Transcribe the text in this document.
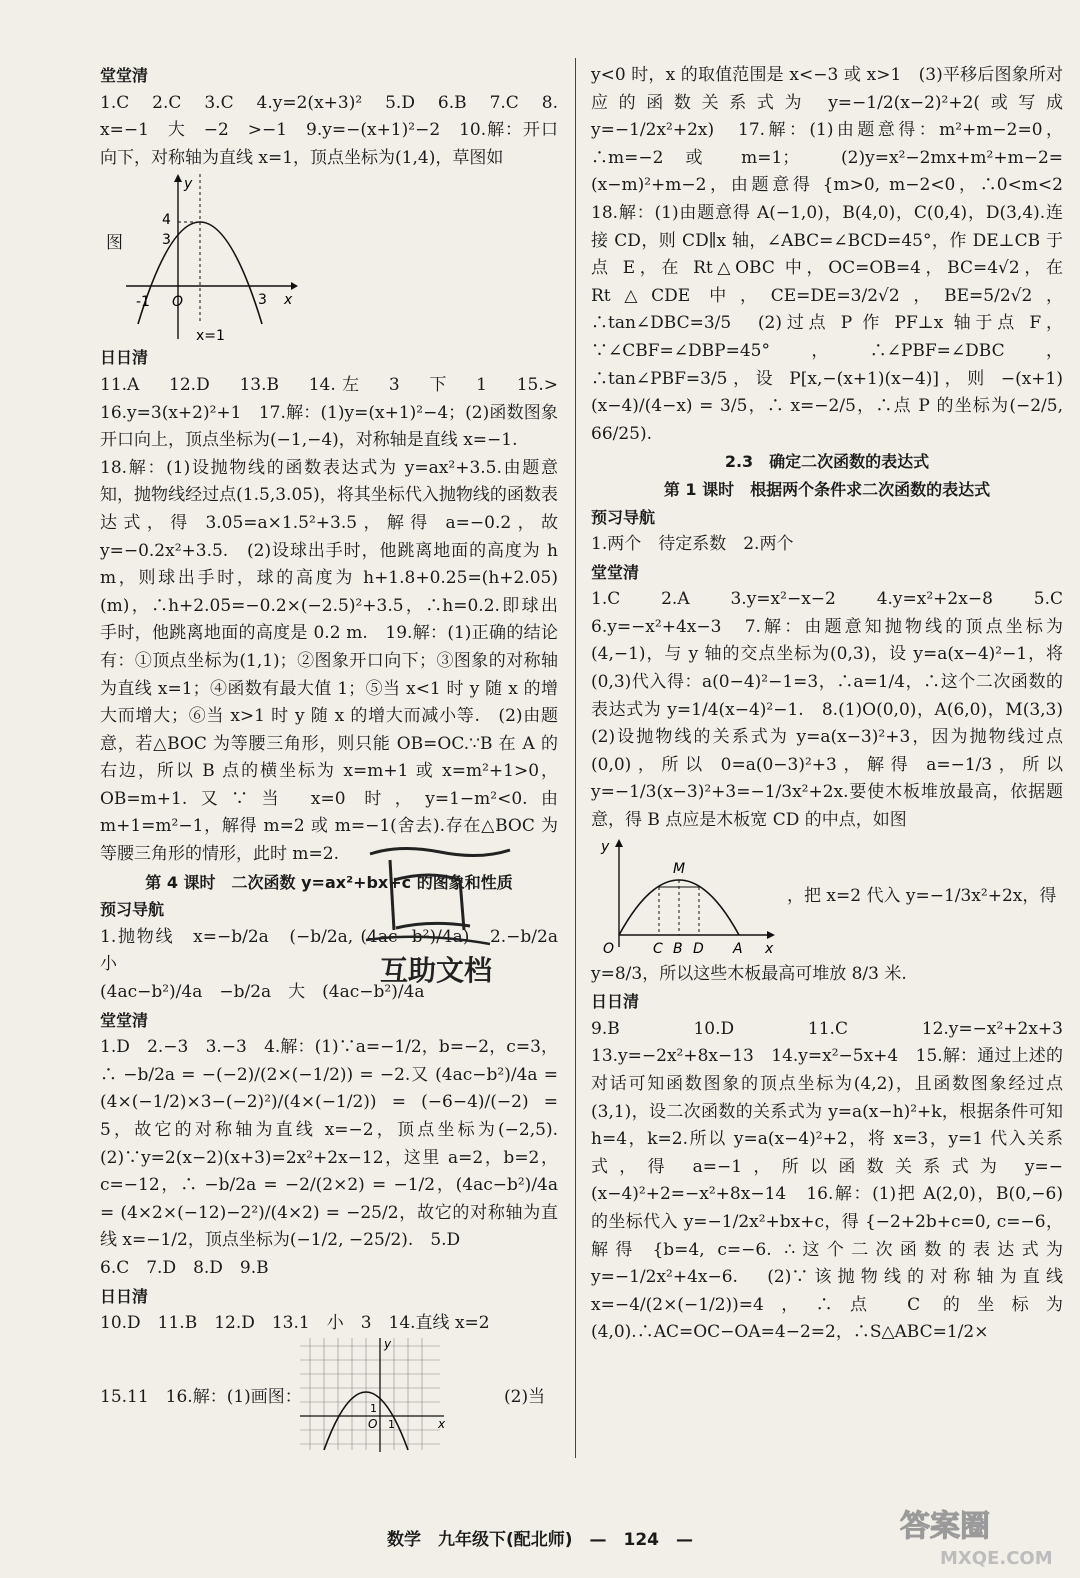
堂堂清

1.C　2.C　3.C　4.y=2(x+3)²　5.D　6.B　7.C　8. x=−1　大　−2　>−1　9.y=−(x+1)²−2　10.解：开口向下，对称轴为直线 x=1，顶点坐标为(1,4)，草图如

图
y
x
4
3
-1 O	3
x=1
日日清

11.A　12.D　13.B　14.左　3　下　1　15.>　16.y=3(x+2)²+1　17.解：(1)y=(x+1)²−4；(2)函数图象开口向上，顶点坐标为(−1,−4)，对称轴是直线 x=−1.

18.解：(1)设抛物线的函数表达式为 y=ax²+3.5.由题意知，抛物线经过点(1.5,3.05)，将其坐标代入抛物线的函数表达式，得 3.05=a×1.5²+3.5，解得 a=−0.2，故 y=−0.2x²+3.5.　(2)设球出手时，他跳离地面的高度为 h m，则球出手时，球的高度为 h+1.8+0.25=(h+2.05)(m)，∴h+2.05=−0.2×(−2.5)²+3.5，∴h=0.2.即球出手时，他跳离地面的高度是 0.2 m.　19.解：(1)正确的结论有：①顶点坐标为(1,1)；②图象开口向下；③图象的对称轴为直线 x=1；④函数有最大值 1；⑤当 x<1 时 y 随 x 的增大而增大；⑥当 x>1 时 y 随 x 的增大而减小等.　(2)由题意，若△BOC 为等腰三角形，则只能 OB=OC.∵B 在 A 的右边，所以 B 点的横坐标为 x=m+1 或 x=m²+1>0，OB=m+1.又∵当 x=0 时，y=1−m²<0.由 m+1=m²−1，解得 m=2 或 m=−1(舍去).存在△BOC 为等腰三角形的情形，此时 m=2.

第 4 课时　二次函数 y=ax²+bx+c 的图象和性质
预习导航

1.抛物线　x=−b/2a　(−b/2a, (4ac−b²)/4a)　2.−b/2a　小

(4ac−b²)/4a　−b/2a　大　(4ac−b²)/4a

堂堂清

1.D　2.−3　3.−3　4.解：(1)∵a=−1/2，b=−2，c=3，∴ −b/2a = −(−2)/(2×(−1/2)) = −2.又 (4ac−b²)/4a = (4×(−1/2)×3−(−2)²)/(4×(−1/2)) = (−6−4)/(−2) = 5，故它的对称轴为直线 x=−2，顶点坐标为(−2,5).　(2)∵y=2(x−2)(x+3)=2x²+2x−12，这里 a=2，b=2，c=−12，∴ −b/2a = −2/(2×2) = −1/2，(4ac−b²)/4a = (4×2×(−12)−2²)/(4×2) = −25/2，故它的对称轴为直线 x=−1/2，顶点坐标为(−1/2, −25/2).　5.D

6.C　7.D　8.D　9.B

日日清

10.D　11.B　12.D　13.1　小　3　14.直线 x=2

15.11　16.解：(1)画图：
x
y
O
1
1
(2)当

y<0 时，x 的取值范围是 x<−3 或 x>1　(3)平移后图象所对应的函数关系式为 y=−1/2(x−2)²+2(或写成 y=−1/2x²+2x)　17.解：(1)由题意得：m²+m−2=0，∴m=−2 或 m=1；　(2)y=x²−2mx+m²+m−2=(x−m)²+m−2，由题意得 {m>0, m−2<0，∴0<m<2　18.解：(1)由题意得 A(−1,0)，B(4,0)，C(0,4)，D(3,4).连接 CD，则 CD∥x 轴，∠ABC=∠BCD=45°，作 DE⊥CB 于点 E，在 Rt△OBC 中，OC=OB=4，BC=4√2，在 Rt△CDE 中，CE=DE=3/2√2，BE=5/2√2，∴tan∠DBC=3/5　(2)过点 P 作 PF⊥x 轴于点 F，∵∠CBF=∠DBP=45°，∴∠PBF=∠DBC，∴tan∠PBF=3/5，设 P[x,−(x+1)(x−4)]，则 −(x+1)(x−4)/(4−x) = 3/5，∴ x=−2/5，∴点 P 的坐标为(−2/5, 66/25).

2.3　确定二次函数的表达式
第 1 课时　根据两个条件求二次函数的表达式
预习导航

1.两个　待定系数　2.两个

堂堂清

1.C　2.A　3.y=x²−x−2　4.y=x²+2x−8　5.C　6.y=−x²+4x−3　7.解：由题意知抛物线的顶点坐标为(4,−1)，与 y 轴的交点坐标为(0,3)，设 y=a(x−4)²−1，将(0,3)代入得：a(0−4)²−1=3，∴a=1/4，∴这个二次函数的表达式为 y=1/4(x−4)²−1.　8.(1)O(0,0)，A(6,0)，M(3,3)　(2)设抛物线的关系式为 y=a(x−3)²+3，因为抛物线过点(0,0)，所以 0=a(0−3)²+3，解得 a=−1/3，所以 y=−1/3(x−3)²+3=−1/3x²+2x.要使木板堆放最高，依据题意，得 B 点应是木板宽 CD 的中点，如图

y
M
O	C B D A x
，把 x=2 代入 y=−1/3x²+2x，得

y=8/3，所以这些木板最高可堆放 8/3 米.

日日清

9.B　10.D　11.C　12.y=−x²+2x+3　13.y=−2x²+8x−13　14.y=x²−5x+4　15.解：通过上述的对话可知函数图象的顶点坐标为(4,2)，且函数图象经过点(3,1)，设二次函数的关系式为 y=a(x−h)²+k，根据条件可知 h=4，k=2.所以 y=a(x−4)²+2，将 x=3，y=1 代入关系式，得 a=−1，所以函数关系式为 y=−(x−4)²+2=−x²+8x−14　16.解：(1)把 A(2,0)，B(0,−6)的坐标代入 y=−1/2x²+bx+c，得 {−2+2b+c=0, c=−6，解得 {b=4, c=−6. ∴这个二次函数的表达式为 y=−1/2x²+4x−6.　(2)∵该抛物线的对称轴为直线 x=−4/(2×(−1/2))=4，∴点 C 的坐标为(4,0).∴AC=OC−OA=4−2=2，∴S△ABC=1/2×

互助文档
数学　九年级下(配北师)　—　124　—	答案圈
MXQE.COM
